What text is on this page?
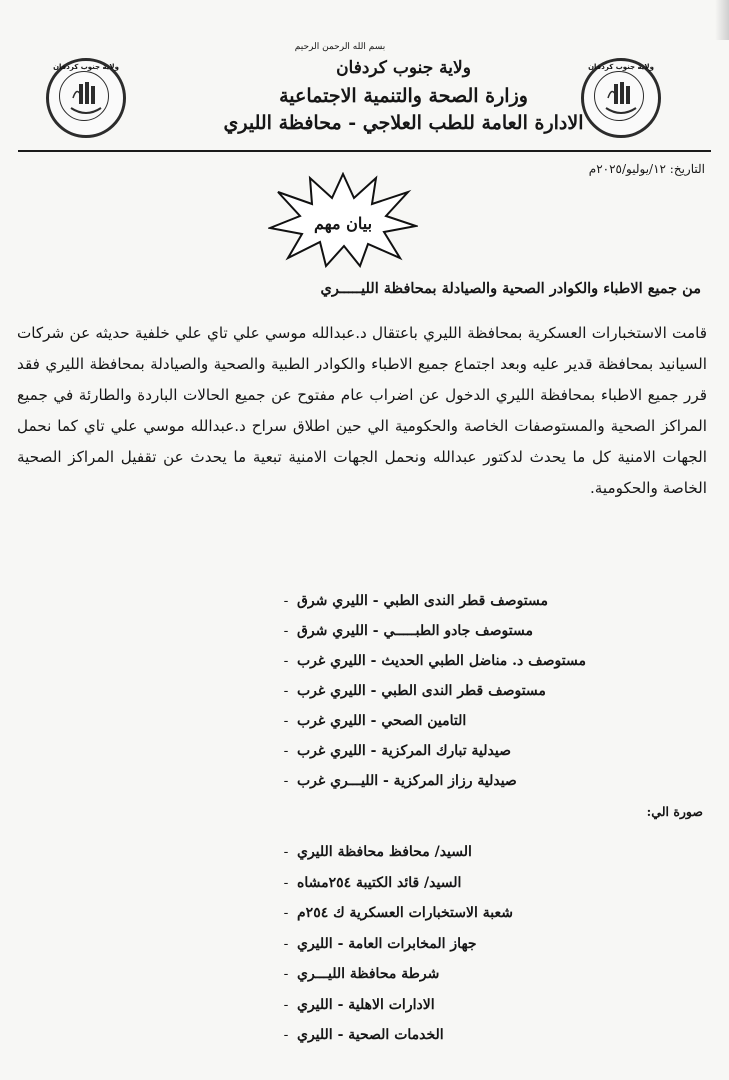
ولاية جنوب كردفان	ولاية جنوب كردفان
بسم الله الرحمن الرحيم
ولاية جنوب كردفان
وزارة الصحة والتنمية الاجتماعية
الادارة العامة للطب العلاجي - محافظة الليري
التاريخ: ١٢/يوليو/٢٠٢٥م
بيان مهم
من جميع الاطباء والكوادر الصحية والصيادلة بمحافظة الليـــــري
قامت الاستخبارات العسكرية بمحافظة الليري باعتقال د.عبدالله موسي علي تاي علي خلفية حديثه عن شركات السيانيد بمحافظة قدير عليه وبعد اجتماع جميع الاطباء والكوادر الطبية والصحية والصيادلة بمحافظة الليري فقد قرر جميع الاطباء بمحافظة الليري الدخول عن اضراب عام مفتوح عن جميع الحالات الباردة والطارئة في جميع المراكز الصحية والمستوصفات الخاصة والحكومية الي حين اطلاق سراح د.عبدالله موسي علي تاي كما نحمل الجهات الامنية كل ما يحدث لدكتور عبدالله ونحمل الجهات الامنية تبعية ما يحدث عن تقفيل المراكز الصحية الخاصة والحكومية.
- مستوصف قطر الندى الطبي - الليري شرق
- مستوصف جادو الطبـــــي - الليري شرق
- مستوصف د. مناضل الطبي الحديث - الليري غرب
- مستوصف قطر الندى الطبي - الليري غرب
- التامين الصحي - الليري غرب
- صيدلية تبارك المركزية - الليري غرب
- صيدلية رزاز المركزية - الليـــري غرب
صورة الي:
- السيد/ محافظ محافظة الليري
- السيد/ قائد الكتيبة ٢٥٤مشاه
- شعبة الاستخبارات العسكرية ك ٢٥٤م
- جهاز المخابرات العامة - الليري
- شرطة محافظة الليـــري
- الادارات الاهلية - الليري
- الخدمات الصحية - الليري
